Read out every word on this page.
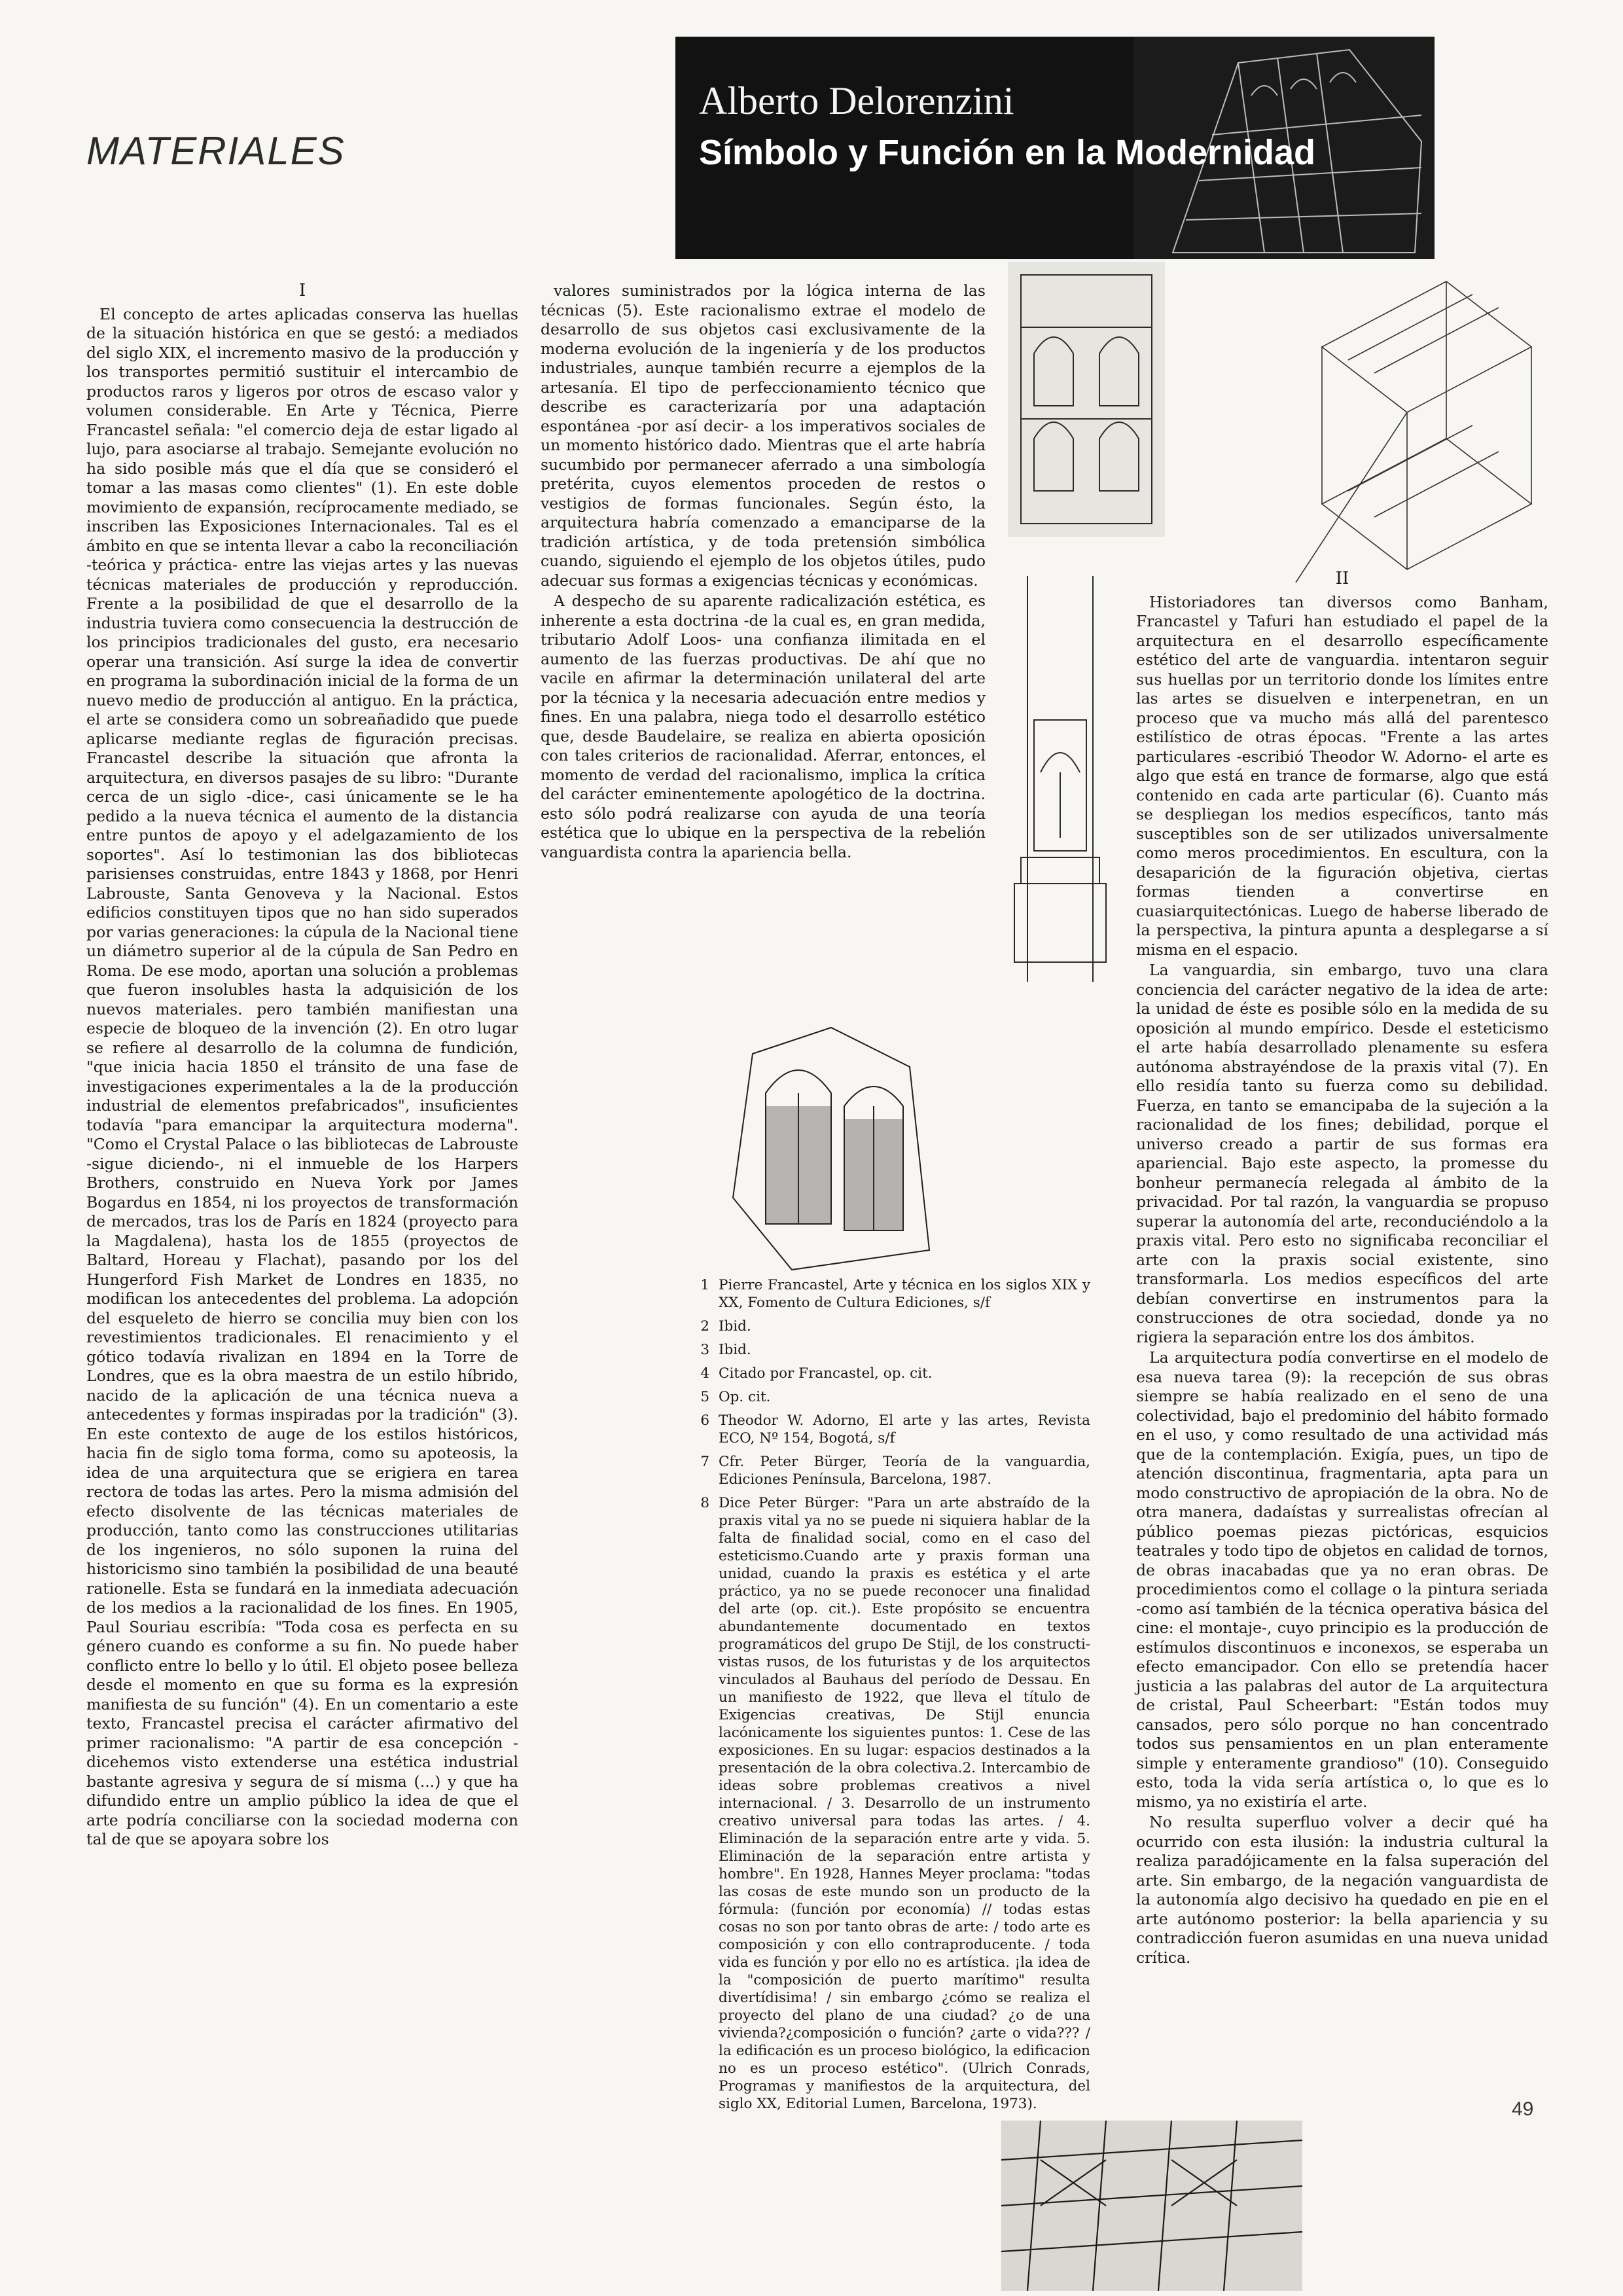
MATERIALES
Alberto Delorenzini
Símbolo y Función en la Modernidad
I

El concepto de artes aplicadas conserva las huellas de la situación histórica en que se gestó: a mediados del siglo XIX, el incremento masivo de la producción y los transportes permitió sustituir el intercambio de productos raros y ligeros por otros de escaso valor y volumen considerable. En Arte y Técnica, Pierre Francastel señala: "el comercio deja de estar ligado al lujo, para asociarse al trabajo. Semejante evolución no ha sido posible más que el día que se consideró el tomar a las masas como clientes" (1). En este doble movimiento de expansión, recíprocamente mediado, se inscriben las Exposiciones Internacionales. Tal es el ámbito en que se intenta llevar a cabo la reconciliación -teórica y práctica- entre las viejas artes y las nuevas técnicas materiales de producción y reproducción. Frente a la posibilidad de que el desarrollo de la industria tuviera como consecuencia la destrucción de los principios tradicionales del gusto, era necesario operar una transición. Así surge la idea de convertir en programa la subordinación inicial de la forma de un nuevo medio de producción al antiguo. En la práctica, el arte se considera como un sobreañadido que puede aplicarse mediante reglas de figuración precisas. Francastel describe la situación que afronta la arquitectura, en diversos pasajes de su libro: "Durante cerca de un siglo -dice-, casi únicamente se le ha pedido a la nueva técnica el aumento de la distancia entre puntos de apoyo y el adelgazamiento de los soportes". Así lo testimonian las dos bibliotecas parisienses construidas, entre 1843 y 1868, por Henri Labrouste, Santa Genoveva y la Nacional. Estos edificios constituyen tipos que no han sido superados por varias generaciones: la cúpula de la Nacional tiene un diámetro superior al de la cúpula de San Pedro en Roma. De ese modo, aportan una solución a problemas que fueron insolubles hasta la adquisición de los nuevos materiales. pero también manifiestan una especie de bloqueo de la invención (2). En otro lugar se refiere al desarrollo de la columna de fundición, "que inicia hacia 1850 el tránsito de una fase de investigaciones experimentales a la de la producción industrial de elementos prefabricados", insuficientes todavía "para emancipar la arquitectura moderna". "Como el Crystal Palace o las bibliotecas de Labrouste -sigue diciendo-, ni el inmueble de los Harpers Brothers, construido en Nueva York por James Bogardus en 1854, ni los proyectos de transformación de mercados, tras los de París en 1824 (proyecto para la Magdalena), hasta los de 1855 (proyectos de Baltard, Horeau y Flachat), pasando por los del Hungerford Fish Market de Londres en 1835, no modifican los antecedentes del problema. La adopción del esqueleto de hierro se concilia muy bien con los revestimientos tradicionales. El renacimiento y el gótico todavía rivalizan en 1894 en la Torre de Londres, que es la obra maestra de un estilo híbrido, nacido de la aplicación de una técnica nueva a antecedentes y formas inspiradas por la tradición" (3). En este contexto de auge de los estilos históricos, hacia fin de siglo toma forma, como su apoteosis, la idea de una arquitectura que se erigiera en tarea rectora de todas las artes. Pero la misma admisión del efecto disolvente de las técnicas materiales de producción, tanto como las construcciones utilitarias de los ingenieros, no sólo suponen la ruina del historicismo sino también la posibilidad de una beauté rationelle. Esta se fundará en la inmediata adecuación de los medios a la racionalidad de los fines. En 1905, Paul Souriau escribía: "Toda cosa es perfecta en su género cuando es conforme a su fin. No puede haber conflicto entre lo bello y lo útil. El objeto posee belleza desde el momento en que su forma es la expresión manifiesta de su función" (4). En un comentario a este texto, Francastel precisa el carácter afirmativo del primer racionalismo: "A partir de esa concepción -dicehemos visto extenderse una estética industrial bastante agresiva y segura de sí misma (...) y que ha difundido entre un amplio público la idea de que el arte podría conciliarse con la sociedad moderna con tal de que se apoyara sobre los

valores suministrados por la lógica interna de las técnicas (5). Este racionalismo extrae el modelo de desarrollo de sus objetos casi exclusivamente de la moderna evolución de la ingeniería y de los productos industriales, aunque también recurre a ejemplos de la artesanía. El tipo de perfeccionamiento técnico que describe es caracterizaría por una adaptación espontánea -por así decir- a los imperativos sociales de un momento histórico dado. Mientras que el arte habría sucumbido por permanecer aferrado a una simbología pretérita, cuyos elementos proceden de restos o vestigios de formas funcionales. Según ésto, la arquitectura habría comenzado a emanciparse de la tradición artística, y de toda pretensión simbólica cuando, siguiendo el ejemplo de los objetos útiles, pudo adecuar sus formas a exigencias técnicas y económicas.

A despecho de su aparente radicalización estética, es inherente a esta doctrina -de la cual es, en gran medida, tributario Adolf Loos- una confianza ilimitada en el aumento de las fuerzas productivas. De ahí que no vacile en afirmar la determinación unilateral del arte por la técnica y la necesaria adecuación entre medios y fines. En una palabra, niega todo el desarrollo estético que, desde Baudelaire, se realiza en abierta oposición con tales criterios de racionalidad. Aferrar, entonces, el momento de verdad del racionalismo, implica la crítica del carácter eminentemente apologético de la doctrina. esto sólo podrá realizarse con ayuda de una teoría estética que lo ubique en la perspectiva de la rebelión vanguardista contra la apariencia bella.

II

Historiadores tan diversos como Banham, Francastel y Tafuri han estudiado el papel de la arquitectura en el desarrollo específicamente estético del arte de vanguardia. intentaron seguir sus huellas por un territorio donde los límites entre las artes se disuelven e interpenetran, en un proceso que va mucho más allá del parentesco estilístico de otras épocas. "Frente a las artes particulares -escribió Theodor W. Adorno- el arte es algo que está en trance de formarse, algo que está contenido en cada arte particular (6). Cuanto más se despliegan los medios específicos, tanto más susceptibles son de ser utilizados universalmente como meros procedimientos. En escultura, con la desaparición de la figuración objetiva, ciertas formas tienden a convertirse en cuasiarquitectónicas. Luego de haberse liberado de la perspectiva, la pintura apunta a desplegarse a sí misma en el espacio.

La vanguardia, sin embargo, tuvo una clara conciencia del carácter negativo de la idea de arte: la unidad de éste es posible sólo en la medida de su oposición al mundo empírico. Desde el esteticismo el arte había desarrollado plenamente su esfera autónoma abstrayéndose de la praxis vital (7). En ello residía tanto su fuerza como su debilidad. Fuerza, en tanto se emancipaba de la sujeción a la racionalidad de los fines; debilidad, porque el universo creado a partir de sus formas era apariencial. Bajo este aspecto, la promesse du bonheur permanecía relegada al ámbito de la privacidad. Por tal razón, la vanguardia se propuso superar la autonomía del arte, reconduciéndolo a la praxis vital. Pero esto no significaba reconciliar el arte con la praxis social existente, sino transformarla. Los medios específicos del arte debían convertirse en instrumentos para la construcciones de otra sociedad, donde ya no rigiera la separación entre los dos ámbitos.

La arquitectura podía convertirse en el modelo de esa nueva tarea (9): la recepción de sus obras siempre se había realizado en el seno de una colectividad, bajo el predominio del hábito formado en el uso, y como resultado de una actividad más que de la contemplación. Exigía, pues, un tipo de atención discontinua, fragmentaria, apta para un modo constructivo de apropiación de la obra. No de otra manera, dadaístas y surrealistas ofrecían al público poemas piezas pictóricas, esquicios teatrales y todo tipo de objetos en calidad de tornos, de obras inacabadas que ya no eran obras. De procedimientos como el collage o la pintura seriada -como así también de la técnica operativa básica del cine: el montaje-, cuyo principio es la producción de estímulos discontinuos e inconexos, se esperaba un efecto emancipador. Con ello se pretendía hacer justicia a las palabras del autor de La arquitectura de cristal, Paul Scheerbart: "Están todos muy cansados, pero sólo porque no han concentrado todos sus pensamientos en un plan enteramente simple y enteramente grandioso" (10). Conseguido esto, toda la vida sería artística o, lo que es lo mismo, ya no existiría el arte.

No resulta superfluo volver a decir qué ha ocurrido con esta ilusión: la industria cultural la realiza paradójicamente en la falsa superación del arte. Sin embargo, de la negación vanguardista de la autonomía algo decisivo ha quedado en pie en el arte autónomo posterior: la bella apariencia y su contradicción fueron asumidas en una nueva unidad crítica.

1 Pierre Francastel, Arte y técnica en los siglos XIX y XX, Fomento de Cultura Ediciones, s/f
2 Ibid.
3 Ibid.
4 Citado por Francastel, op. cit.
5 Op. cit.
6 Theodor W. Adorno, El arte y las artes, Revista ECO, Nº 154, Bogotá, s/f
7 Cfr. Peter Bürger, Teoría de la vanguardia, Ediciones Península, Barcelona, 1987.
8 Dice Peter Bürger: "Para un arte abstraído de la praxis vital ya no se puede ni siquiera hablar de la falta de finalidad social, como en el caso del esteticismo.Cuando arte y praxis forman una unidad, cuando la praxis es estética y el arte práctico, ya no se puede reconocer una finalidad del arte (op. cit.). Este propósito se encuentra abundantemente documentado en textos programáticos del grupo De Stijl, de los constructi-vistas rusos, de los futuristas y de los arquitectos vinculados al Bauhaus del período de Dessau. En un manifiesto de 1922, que lleva el título de Exigencias creativas, De Stijl enuncia lacónicamente los siguientes puntos: 1. Cese de las exposiciones. En su lugar: espacios destinados a la presentación de la obra colectiva.2. Intercambio de ideas sobre problemas creativos a nivel internacional. / 3. Desarrollo de un instrumento creativo universal para todas las artes. / 4. Eliminación de la separación entre arte y vida. 5. Eliminación de la separación entre artista y hombre". En 1928, Hannes Meyer proclama: "todas las cosas de este mundo son un producto de la fórmula: (función por economía) // todas estas cosas no son por tanto obras de arte: / todo arte es composición y con ello contraproducente. / toda vida es función y por ello no es artística. ¡la idea de la "composición de puerto marítimo" resulta divertídisima! / sin embargo ¿cómo se realiza el proyecto del plano de una ciudad? ¿o de una vivienda?¿composición o función? ¿arte o vida??? / la edificación es un proceso biológico, la edificacion no es un proceso estético". (Ulrich Conrads, Programas y manifiestos de la arquitectura, del siglo XX, Editorial Lumen, Barcelona, 1973).	49
